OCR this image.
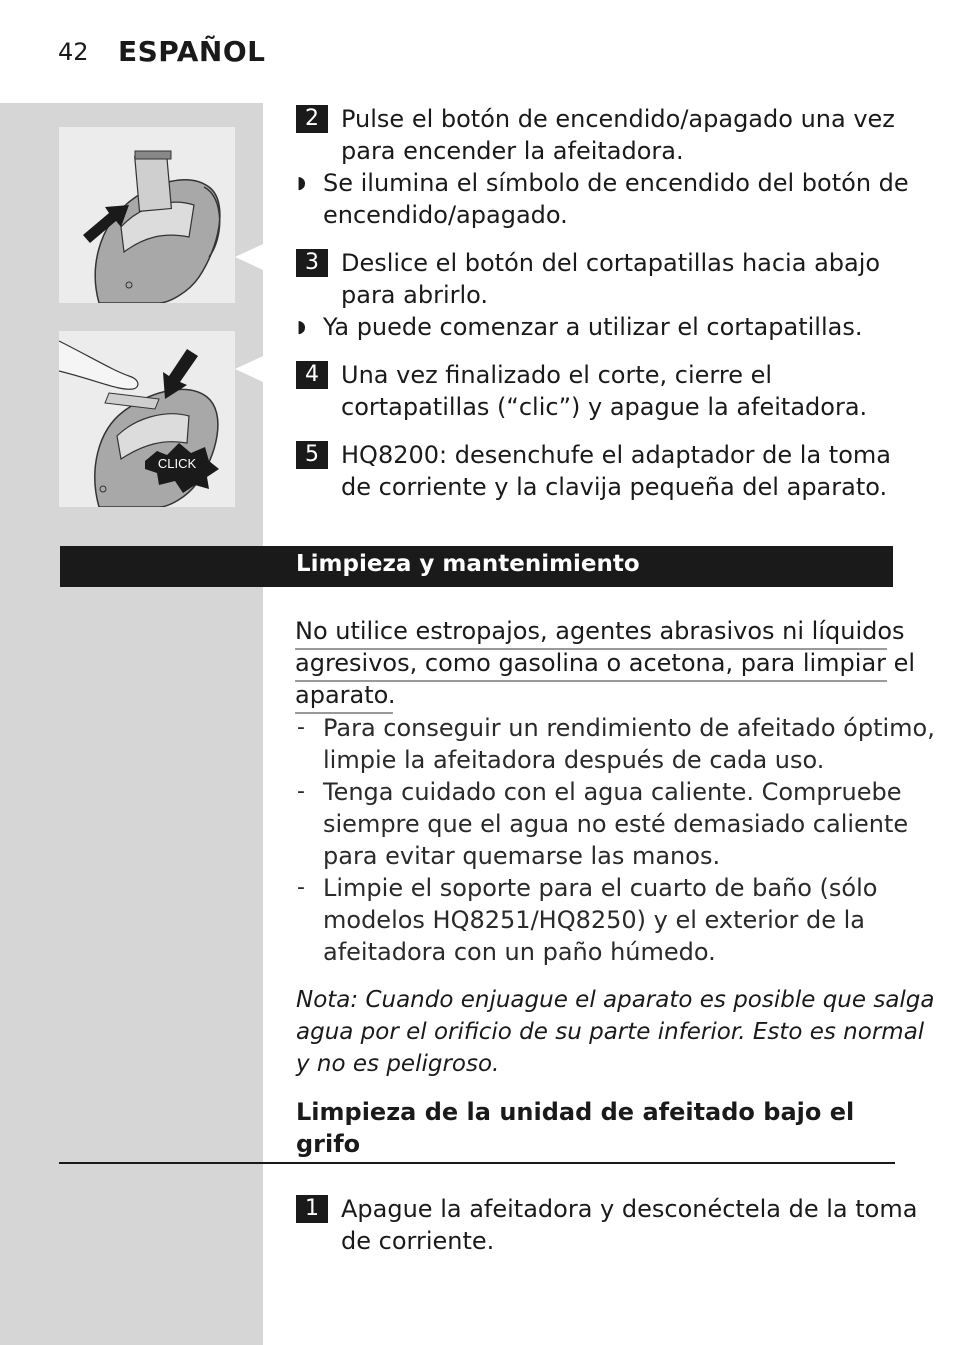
42 ESPAÑOL
CLICK
2 Pulse el botón de encendido/apagado una vez
para encender la afeitadora.
◗ Se ilumina el símbolo de encendido del botón de
encendido/apagado.
3 Deslice el botón del cortapatillas hacia abajo
para abrirlo.
◗ Ya puede comenzar a utilizar el cortapatillas.
4 Una vez finalizado el corte, cierre el
cortapatillas (“clic”) y apague la afeitadora.
5 HQ8200: desenchufe el adaptador de la toma
de corriente y la clavija pequeña del aparato.
Limpieza y mantenimiento
No utilice estropajos, agentes abrasivos ni líquidos
agresivos, como gasolina o acetona, para limpiar el
aparato.
- Para conseguir un rendimiento de afeitado óptimo,
limpie la afeitadora después de cada uso.
- Tenga cuidado con el agua caliente. Compruebe
siempre que el agua no esté demasiado caliente
para evitar quemarse las manos.
- Limpie el soporte para el cuarto de baño (sólo
modelos HQ8251/HQ8250) y el exterior de la
afeitadora con un paño húmedo.
Nota: Cuando enjuague el aparato es posible que salga
agua por el orificio de su parte inferior. Esto es normal
y no es peligroso.
Limpieza de la unidad de afeitado bajo el
grifo
1 Apague la afeitadora y desconéctela de la toma
de corriente.
